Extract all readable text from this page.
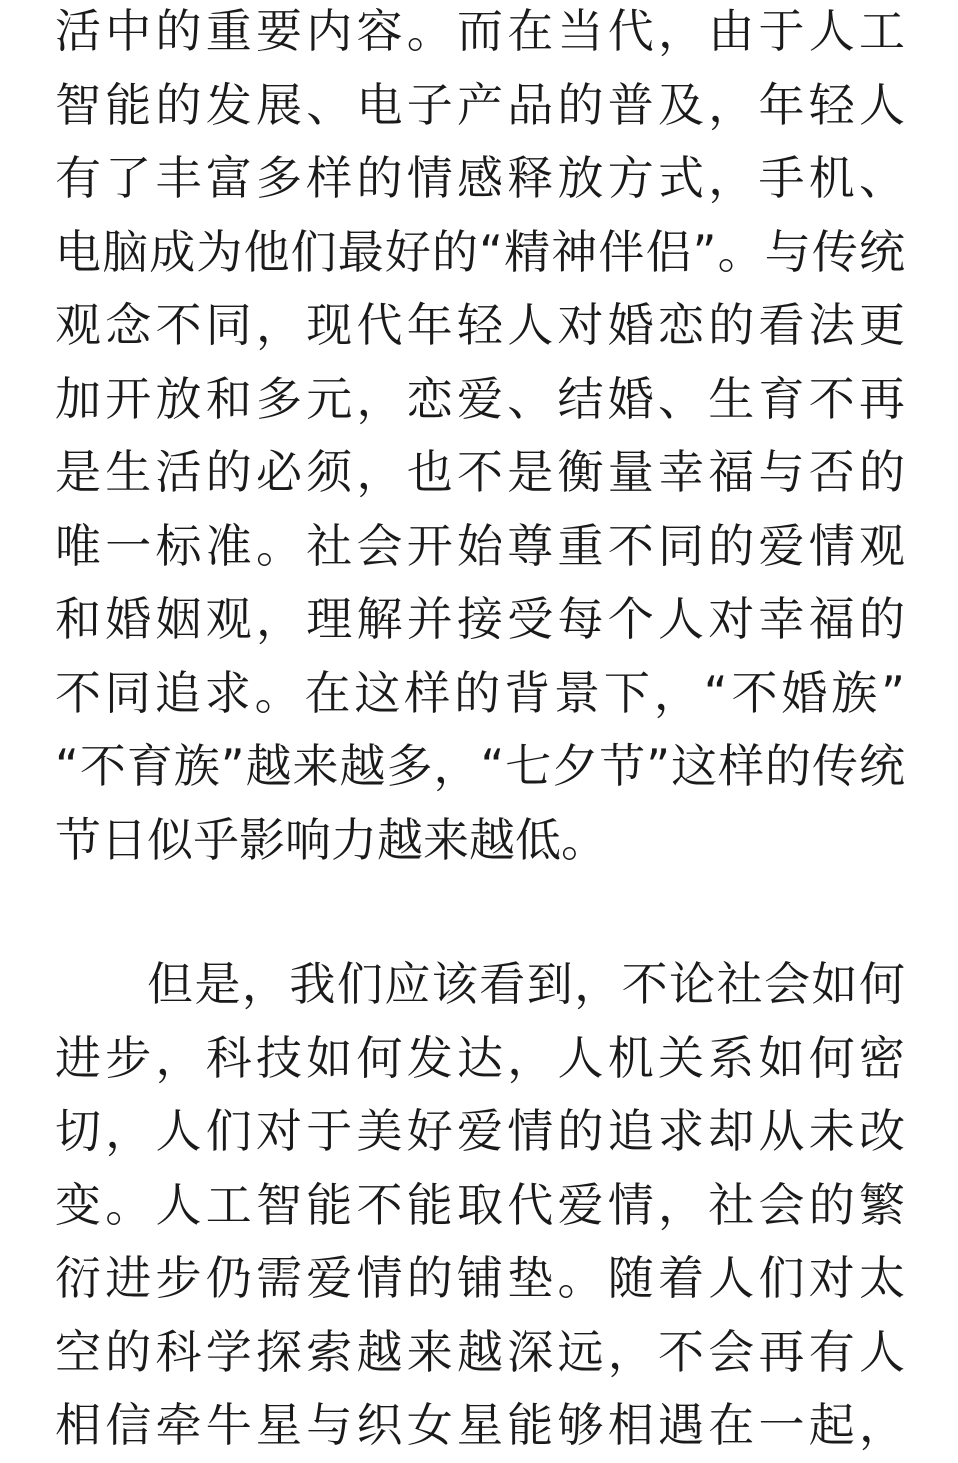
活中的重要内容。而在当代，由于人工
智能的发展、电子产品的普及，年轻人
有了丰富多样的情感释放方式，手机、
电脑成为他们最好的“精神伴侣”。与传统
观念不同，现代年轻人对婚恋的看法更
加开放和多元，恋爱、结婚、生育不再
是生活的必须，也不是衡量幸福与否的
唯一标准。社会开始尊重不同的爱情观
和婚姻观，理解并接受每个人对幸福的
不同追求。在这样的背景下，“不婚族”
“不育族”越来越多，“七夕节”这样的传统
节日似乎影响力越来越低。
但是，我们应该看到，不论社会如何
进步，科技如何发达，人机关系如何密
切，人们对于美好爱情的追求却从未改
变。人工智能不能取代爱情，社会的繁
衍进步仍需爱情的铺垫。随着人们对太
空的科学探索越来越深远，不会再有人
相信牵牛星与织女星能够相遇在一起，
